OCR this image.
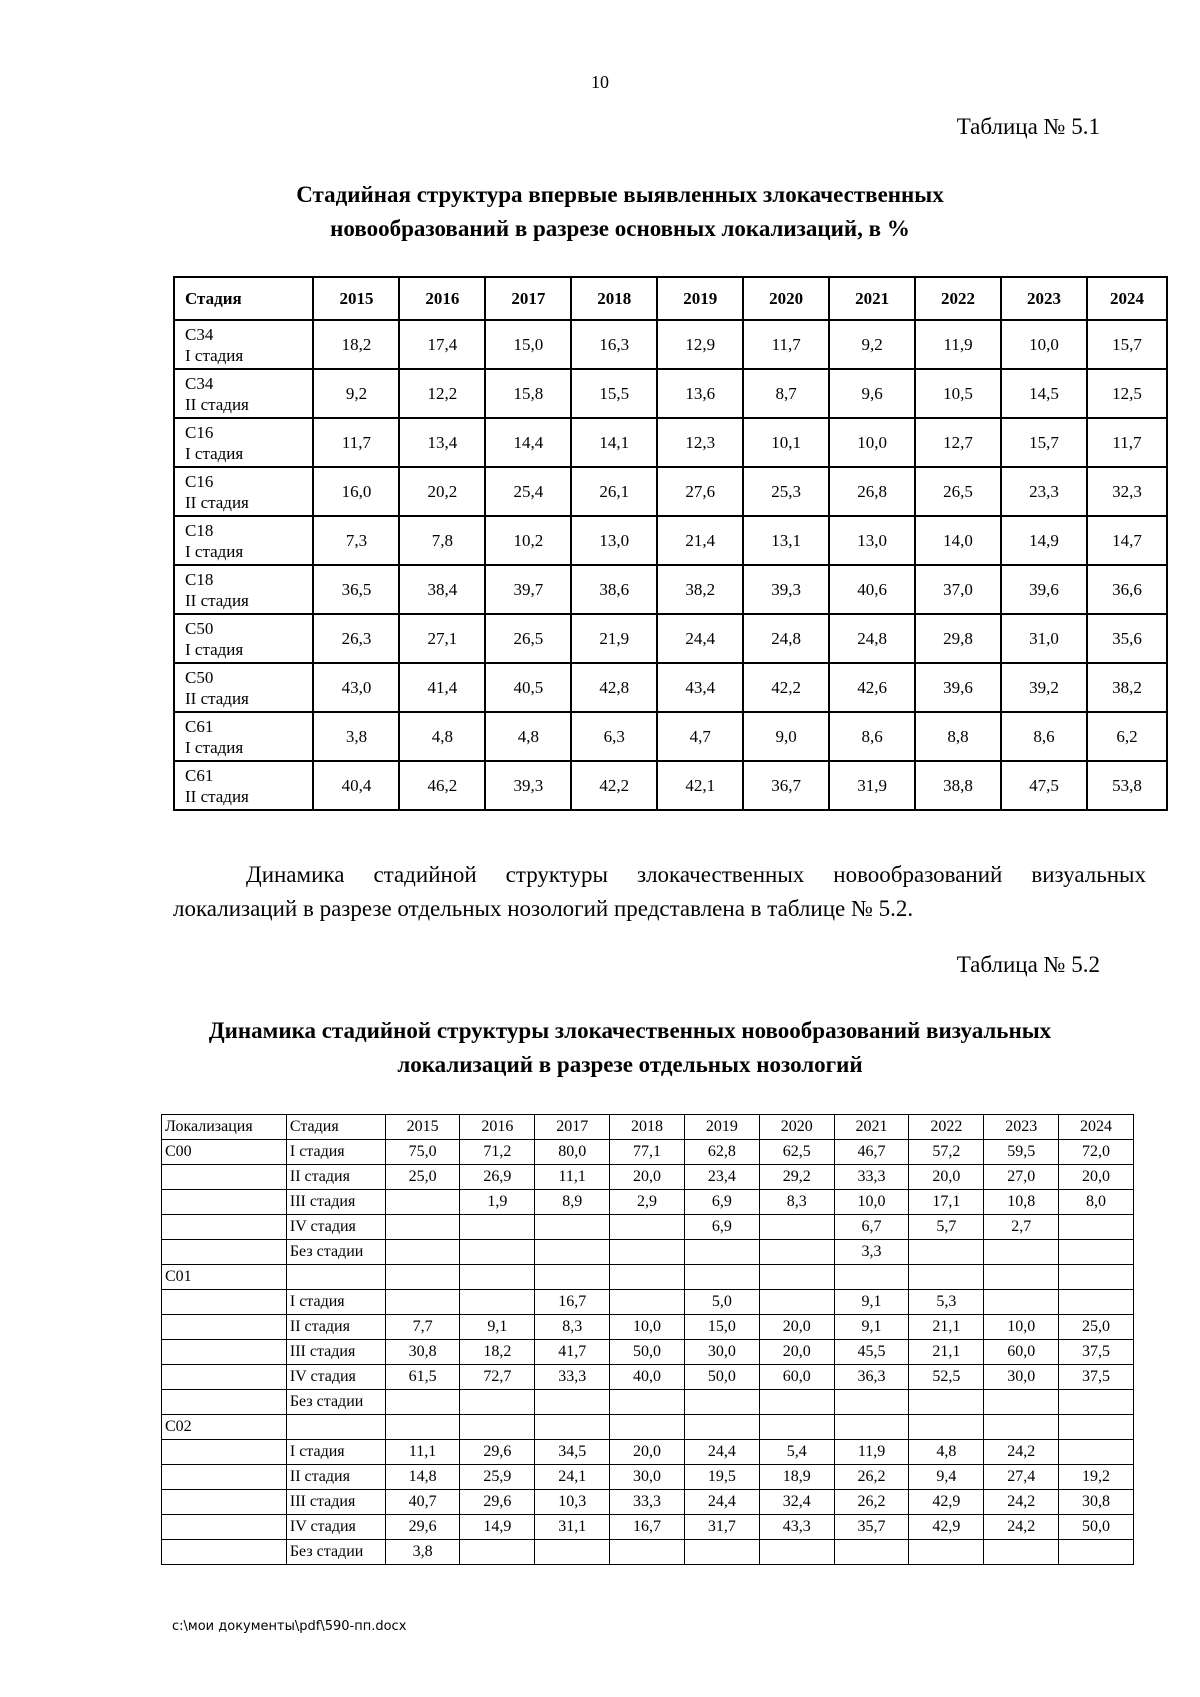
10
Таблица № 5.1
Стадийная структура впервые выявленных злокачественных
новообразований в разрезе основных локализаций, в %
Стадия	2015	2016	2017	2018	2019	2020	2021	2022	2023	2024

С34
I стадия	18,2	17,4	15,0	16,3	12,9	11,7	9,2	11,9	10,0	15,7

С34
II стадия	9,2	12,2	15,8	15,5	13,6	8,7	9,6	10,5	14,5	12,5

С16
I стадия	11,7	13,4	14,4	14,1	12,3	10,1	10,0	12,7	15,7	11,7

С16
II стадия	16,0	20,2	25,4	26,1	27,6	25,3	26,8	26,5	23,3	32,3

С18
I стадия	7,3	7,8	10,2	13,0	21,4	13,1	13,0	14,0	14,9	14,7

С18
II стадия	36,5	38,4	39,7	38,6	38,2	39,3	40,6	37,0	39,6	36,6

С50
I стадия	26,3	27,1	26,5	21,9	24,4	24,8	24,8	29,8	31,0	35,6

С50
II стадия	43,0	41,4	40,5	42,8	43,4	42,2	42,6	39,6	39,2	38,2

С61
I стадия	3,8	4,8	4,8	6,3	4,7	9,0	8,6	8,8	8,6	6,2

С61
II стадия	40,4	46,2	39,3	42,2	42,1	36,7	31,9	38,8	47,5	53,8
Динамика стадийной структуры злокачественных новообразований визуальных локализаций в разрезе отдельных нозологий представлена в таблице № 5.2.
Таблица № 5.2
Динамика стадийной структуры злокачественных новообразований визуальных
локализаций в разрезе отдельных нозологий
Локализация	Стадия	2015	2016	2017	2018	2019	2020	2021	2022	2023	2024
С00	I стадия	75,0	71,2	80,0	77,1	62,8	62,5	46,7	57,2	59,5	72,0
	II стадия	25,0	26,9	11,1	20,0	23,4	29,2	33,3	20,0	27,0	20,0
	III стадия		1,9	8,9	2,9	6,9	8,3	10,0	17,1	10,8	8,0
	IV стадия					6,9		6,7	5,7	2,7	
	Без стадии							3,3			
С01											
	I стадия			16,7		5,0		9,1	5,3		
	II стадия	7,7	9,1	8,3	10,0	15,0	20,0	9,1	21,1	10,0	25,0
	III стадия	30,8	18,2	41,7	50,0	30,0	20,0	45,5	21,1	60,0	37,5
	IV стадия	61,5	72,7	33,3	40,0	50,0	60,0	36,3	52,5	30,0	37,5
	Без стадии										
С02											
	I стадия	11,1	29,6	34,5	20,0	24,4	5,4	11,9	4,8	24,2	
	II стадия	14,8	25,9	24,1	30,0	19,5	18,9	26,2	9,4	27,4	19,2
	III стадия	40,7	29,6	10,3	33,3	24,4	32,4	26,2	42,9	24,2	30,8
	IV стадия	29,6	14,9	31,1	16,7	31,7	43,3	35,7	42,9	24,2	50,0
	Без стадии	3,8									
c:\мои документы\pdf\590-пп.docx
